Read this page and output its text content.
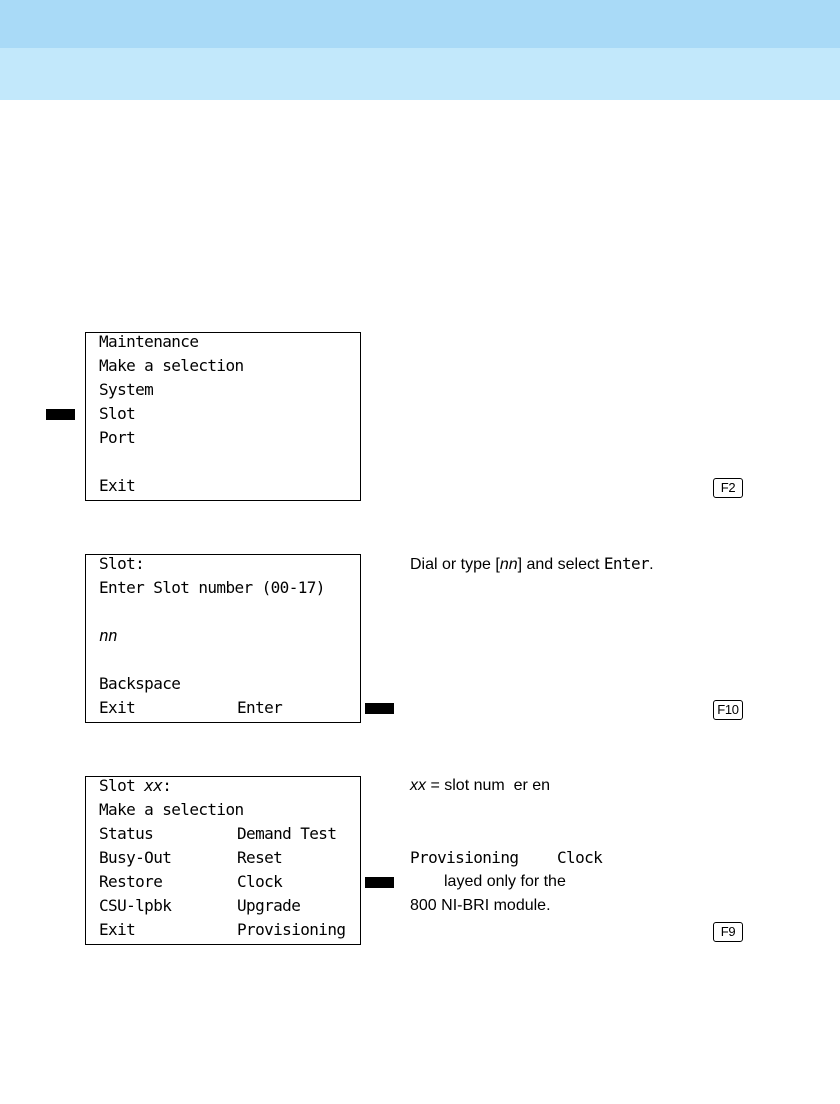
Maintenance
Make a selection
System
Slot
Port
Exit	F2
Slot:
Enter Slot number (00-17)
nn
Backspace
Exit	Enter
Dial or type [nn] and select Enter.
F10
Slot xx:
Make a selection
Status	Demand Test
Busy-Out	Reset
Restore	Clock
CSU-lpbk	Upgrade
Exit	Provisioning
xx = slot num  er en
Provisioning Clock
layed only for the
800 NI-BRI module.
F9
